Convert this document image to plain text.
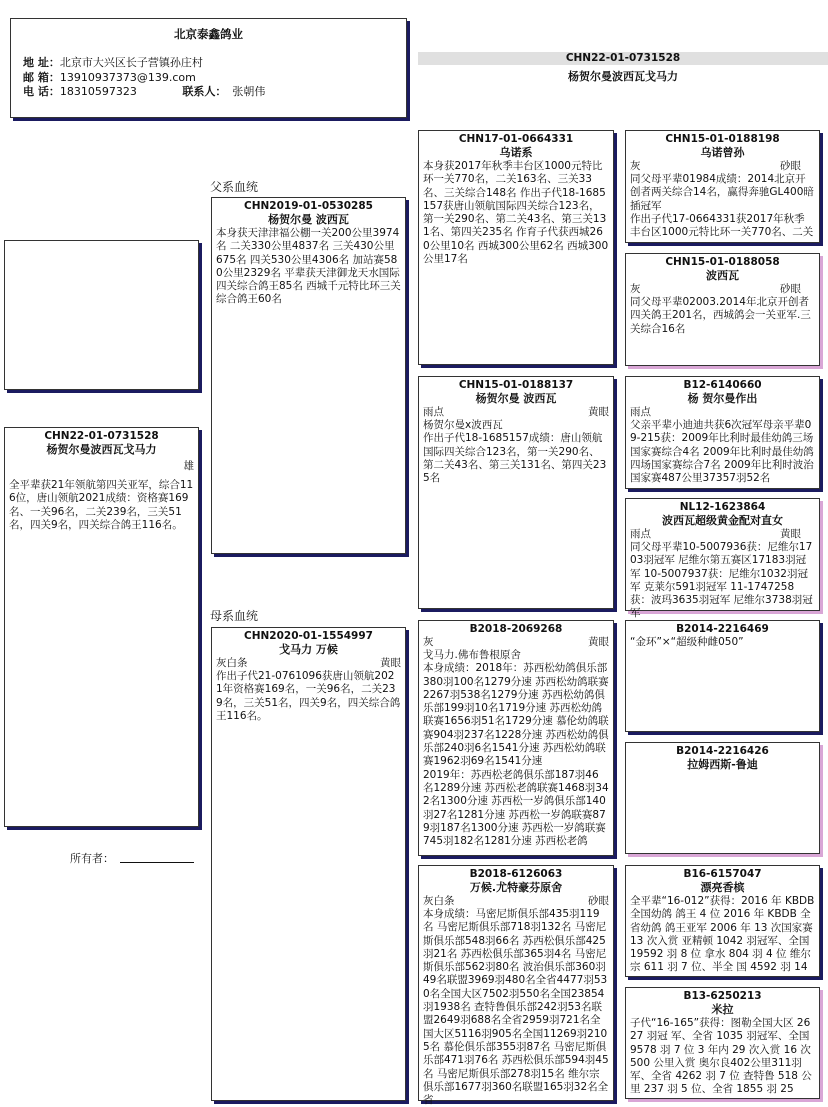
北京泰鑫鸽业
地 址：北京市大兴区长子营镇孙庄村
邮 箱：13910937373@139.com
电 话：18310597323	联系人： 张朝伟
CHN22-01-0731528
杨贺尔曼波西瓦戈马力
父系血统
母系血统
CHN22-01-0731528
杨贺尔曼波西瓦戈马力
雄
全平辈获21年领航第四关亚军，综合116位，唐山领航2021成绩：资格赛169名、一关96名，二关239名，三关51名，四关9名，四关综合鸽王116名。
所有者：
CHN2019-01-0530285
杨贺尔曼 波西瓦
本身获天津津福公棚一关200公里3974名 二关330公里4837名 三关430公里675名 四关530公里4306名 加站赛580公里2329名 平辈获天津御龙天水国际四关综合鸽王85名 西城千元特比环三关综合鸽王60名
CHN2020-01-1554997
戈马力 万候
灰白条	黄眼
作出子代21-0761096获唐山领航2021年资格赛169名，一关96名，二关239名，三关51名，四关9名，四关综合鸽王116名。
CHN17-01-0664331
乌诺系
本身获2017年秋季丰台区1000元特比环一关770名，二关163名、三关33名、三关综合148名 作出子代18-1685157获唐山领航国际四关综合123名，第一关290名、第二关43名、第三关131名、第四关235名 作育子代获西城260公里10名 西城300公里62名 西城300公里17名
CHN15-01-0188137
杨贺尔曼 波西瓦
雨点	黄眼
杨贺尔曼x波西瓦
作出子代18-1685157成绩：唐山领航国际四关综合123名，第一关290名、第二关43名、第三关131名、第四关235名
B2018-2069268
灰	黄眼
戈马力.佛布鲁根原舍
本身成绩：2018年：苏西松幼鸽俱乐部380羽100名1279分速 苏西松幼鸽联赛2267羽538名1279分速 苏西松幼鸽俱乐部199羽10名1719分速 苏西松幼鸽联赛1656羽51名1729分速 慕伦幼鸽联赛904羽237名1228分速 苏西松幼鸽俱乐部240羽6名1541分速 苏西松幼鸽联赛1962羽69名1541分速
2019年：苏西松老鸽俱乐部187羽46名1289分速 苏西松老鸽联赛1468羽342名1300分速 苏西松一岁鸽俱乐部140羽27名1281分速 苏西松一岁鸽联赛879羽187名1300分速 苏西松一岁鸽联赛745羽182名1281分速 苏西松老鸽
B2018-6126063
万候.尤特豪芬原舍
灰白条	砂眼
本身成绩：马密尼斯俱乐部435羽119名 马密尼斯俱乐部718羽132名 马密尼斯俱乐部548羽66名 苏西松俱乐部425羽21名 苏西松俱乐部365羽4名 马密尼斯俱乐部562羽80名 波治俱乐部360羽49名联盟3969羽480名全省4477羽530名全国大区7502羽550名全国23854羽1938名 查特鲁俱乐部242羽53名联盟2649羽688名全省2959羽721名全国大区5116羽905名全国11269羽2105名 慕伦俱乐部355羽87名 马密尼斯俱乐部471羽76名 苏西松俱乐部594羽45名 马密尼斯俱乐部278羽15名 维尔宗俱乐部1677羽360名联盟165羽32名全省
CHN15-01-0188198
乌诺曾孙
灰	砂眼
同父母平辈01984成绩：2014北京开创者两关综合14名，赢得奔驰GL400暗插冠军
作出子代17-0664331获2017年秋季丰台区1000元特比环一关770名、二关
CHN15-01-0188058
波西瓦
灰	砂眼
同父母平辈02003.2014年北京开创者四关鸽王201名，西城鸽会一关亚军.三关综合16名
B12-6140660
杨 贺尔曼作出
雨点
父亲平辈小迪迪共获6次冠军母亲平辈09-215获：2009年比利时最佳幼鸽三场国家赛综合4名 2009年比利时最佳幼鸽四场国家赛综合7名 2009年比利时波治国家赛487公里37357羽52名
NL12-1623864
波西瓦超级黄金配对直女
雨点	黄眼
同父母平辈10-5007936获：尼维尔1703羽冠军 尼维尔第五赛区17183羽冠军 10-5007937获：尼维尔1032羽冠军 克莱尔591羽冠军 11-1747258获：波玛3635羽冠军 尼维尔3738羽冠军
B2014-2216469
“金环”×“超级种雌050”
B2014-2216426
拉姆西斯-鲁迪
B16-6157047
漂亮香槟
全平辈“16-012”获得：2016 年 KBDB 全国幼鸽 鸽王 4 位 2016 年 KBDB 全省幼鸽 鸽王亚军 2006 年 13 次国家赛 13 次入赏 亚精顿 1042 羽冠军、全国 19592 羽 8 位 拿水 804 羽 4 位 维尔宗 611 羽 7 位、半全 国 4592 羽 14
B13-6250213
米拉
子代“16-165”获得：图勒全国大区 2627 羽冠 军、全省 1035 羽冠军、全国 9578 羽 7 位 3 年内 29 次入赏 16 次 500 公里入赏 奥尔良402公里311羽 军、全省 4262 羽 7 位 查特鲁 518 公里 237 羽 5 位、全省 1855 羽 25
